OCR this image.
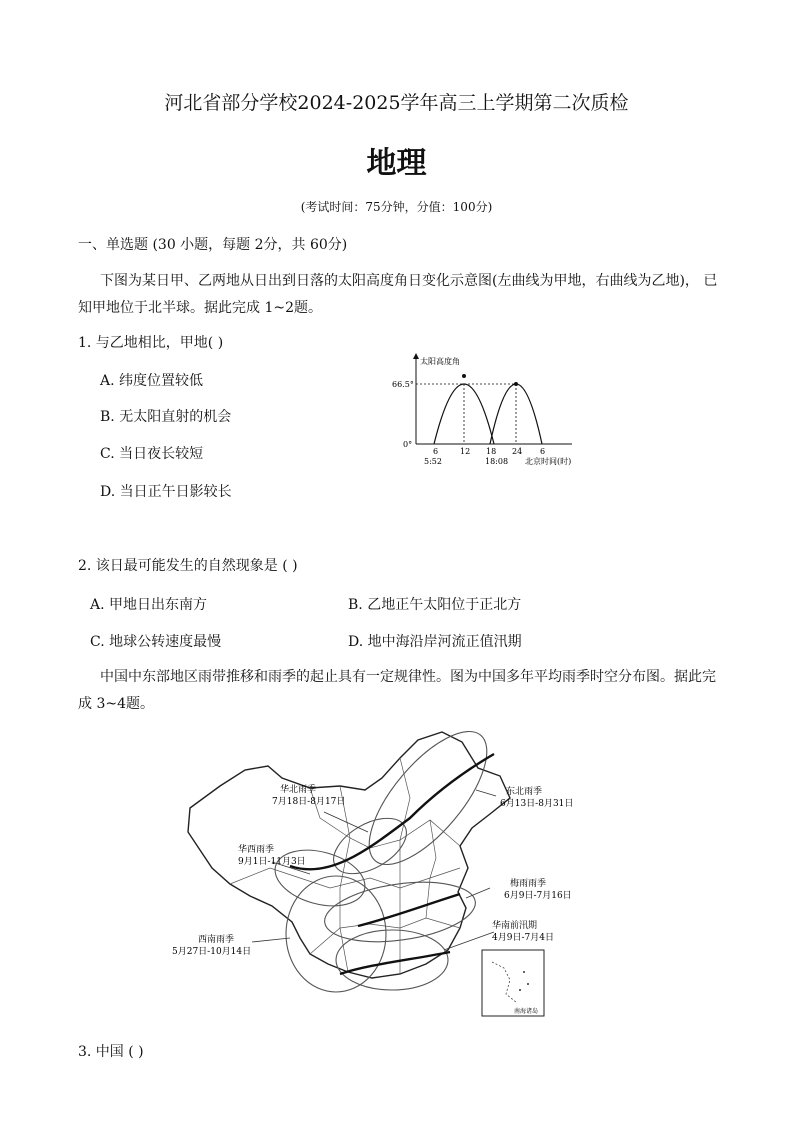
河北省部分学校2024-2025学年高三上学期第二次质检
地理
(考试时间：75分钟，分值：100分)
一、单选题 (30 小题，每题 2分，共 60分)
下图为某日甲、乙两地从日出到日落的太阳高度角日变化示意图(左曲线为甲地，右曲线为乙地)， 已知甲地位于北半球。据此完成 1~2题。
1. 与乙地相比，甲地( )
A. 纬度位置较低
B. 无太阳直射的机会
C. 当日夜长较短
D. 当日正午日影较长
太阳高度角
66.5°
0°
6	12 18 24 6
5:52	18:08 北京时间(时)
2. 该日最可能发生的自然现象是 ( )
A. 甲地日出东南方	B. 乙地正午太阳位于正北方
C. 地球公转速度最慢	D. 地中海沿岸河流正值汛期
中国中东部地区雨带推移和雨季的起止具有一定规律性。图为中国多年平均雨季时空分布图。据此完成 3~4题。
华北雨季
7月18日-8月17日
东北雨季
6月13日-8月31日
华西雨季
9月1日-11月3日
梅雨雨季
6月9日-7月16日
西南雨季
5月27日-10月14日
华南前汛期
4月9日-7月4日
南海诸岛
3. 中国 ( )
